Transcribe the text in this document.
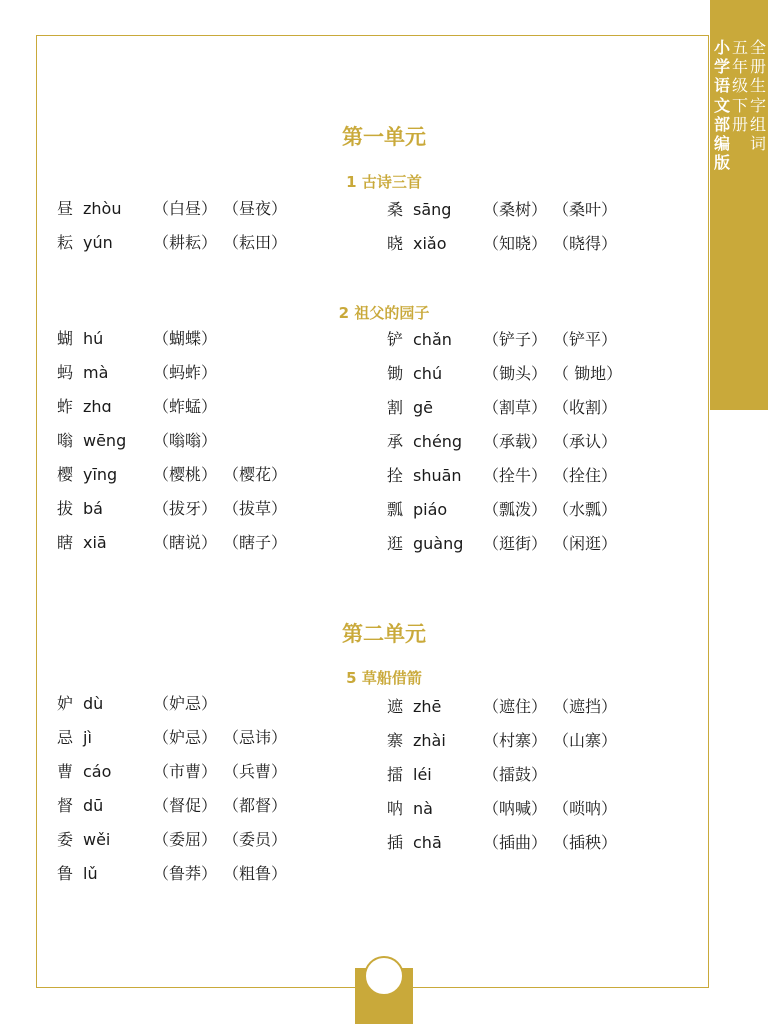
小学语文部编版
五年级下册
全册生字组词
第一单元
1 古诗三首
昼 zhòu （白昼） （昼夜）
耘 yún	（耕耘） （耘田）
桑 sāng （桑树） （桑叶）
晓 xiǎo （知晓） （晓得）
2 祖父的园子
蝴 hú	（蝴蝶）
蚂 mà	（蚂蚱）
蚱 zhɑ	（蚱蜢）
嗡 wēng （嗡嗡）
樱 yīng （樱桃） （樱花）
拔 bá	（拔牙） （拔草）
瞎 xiā	（瞎说） （瞎子）
铲 chǎn （铲子） （铲平）
锄 chú	（锄头） （ 锄地）
割 gē	（割草） （收割）
承 chéng （承载） （承认）
拴 shuān （拴牛） （拴住）
瓢 piáo （瓢泼） （水瓢）
逛 guàng （逛街） （闲逛）
第二单元
5 草船借箭
妒 dù	（妒忌）
忌 jì	（妒忌） （忌讳）
曹 cáo	（市曹） （兵曹）
督 dū	（督促） （都督）
委 wěi	（委屈） （委员）
鲁 lǔ	（鲁莽） （粗鲁）
遮 zhē	（遮住） （遮挡）
寨 zhài （村寨） （山寨）
擂 léi	（擂鼓）
呐 nà	（呐喊） （唢呐）
插 chā	（插曲） （插秧）
